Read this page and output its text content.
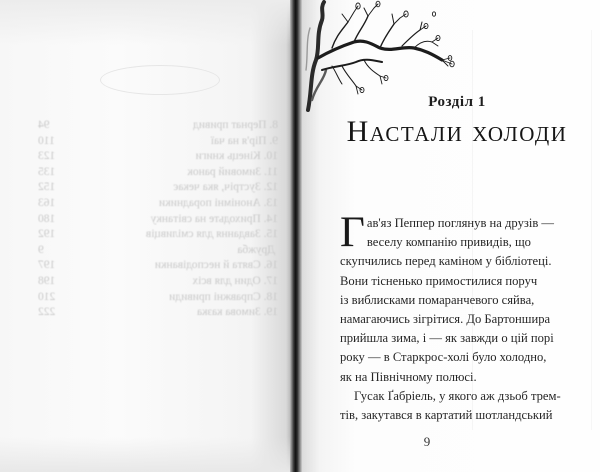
8.

Пернат привид
94
9.

Пір'я на чаї
110
10.

Кінець книги
123
11.

Зимовий ранок
135
12.

Зустріч, яка чекає
152
13.

Анонімні порадники
163
14.

Приходьте на світанку
180
15.

Завдання для сміливців
192

Дружба
9
16.

Свята й несподіванки
197
17.

Один для всіх
198
18.

Справжні привиди
210
19.

Зимова казка
222
Розділ 1
Настали холоди
Г ав'яз Пеппер поглянув на друзів —
веселу компанію привидів, що
скупчились перед каміном у бібліотеці.
Вони тісненько примостилися поруч
із виблисками помаранчевого сяйва,
намагаючись зігрітися. До Бартоншира
прийшла зима, і — як завжди о цій порі
року — в Старкрос-холі було холодно,
як на Північному полюсі.
Гусак Ґабріель, у якого аж дзьоб трем-
тів, закутався в картатий шотландський
9
